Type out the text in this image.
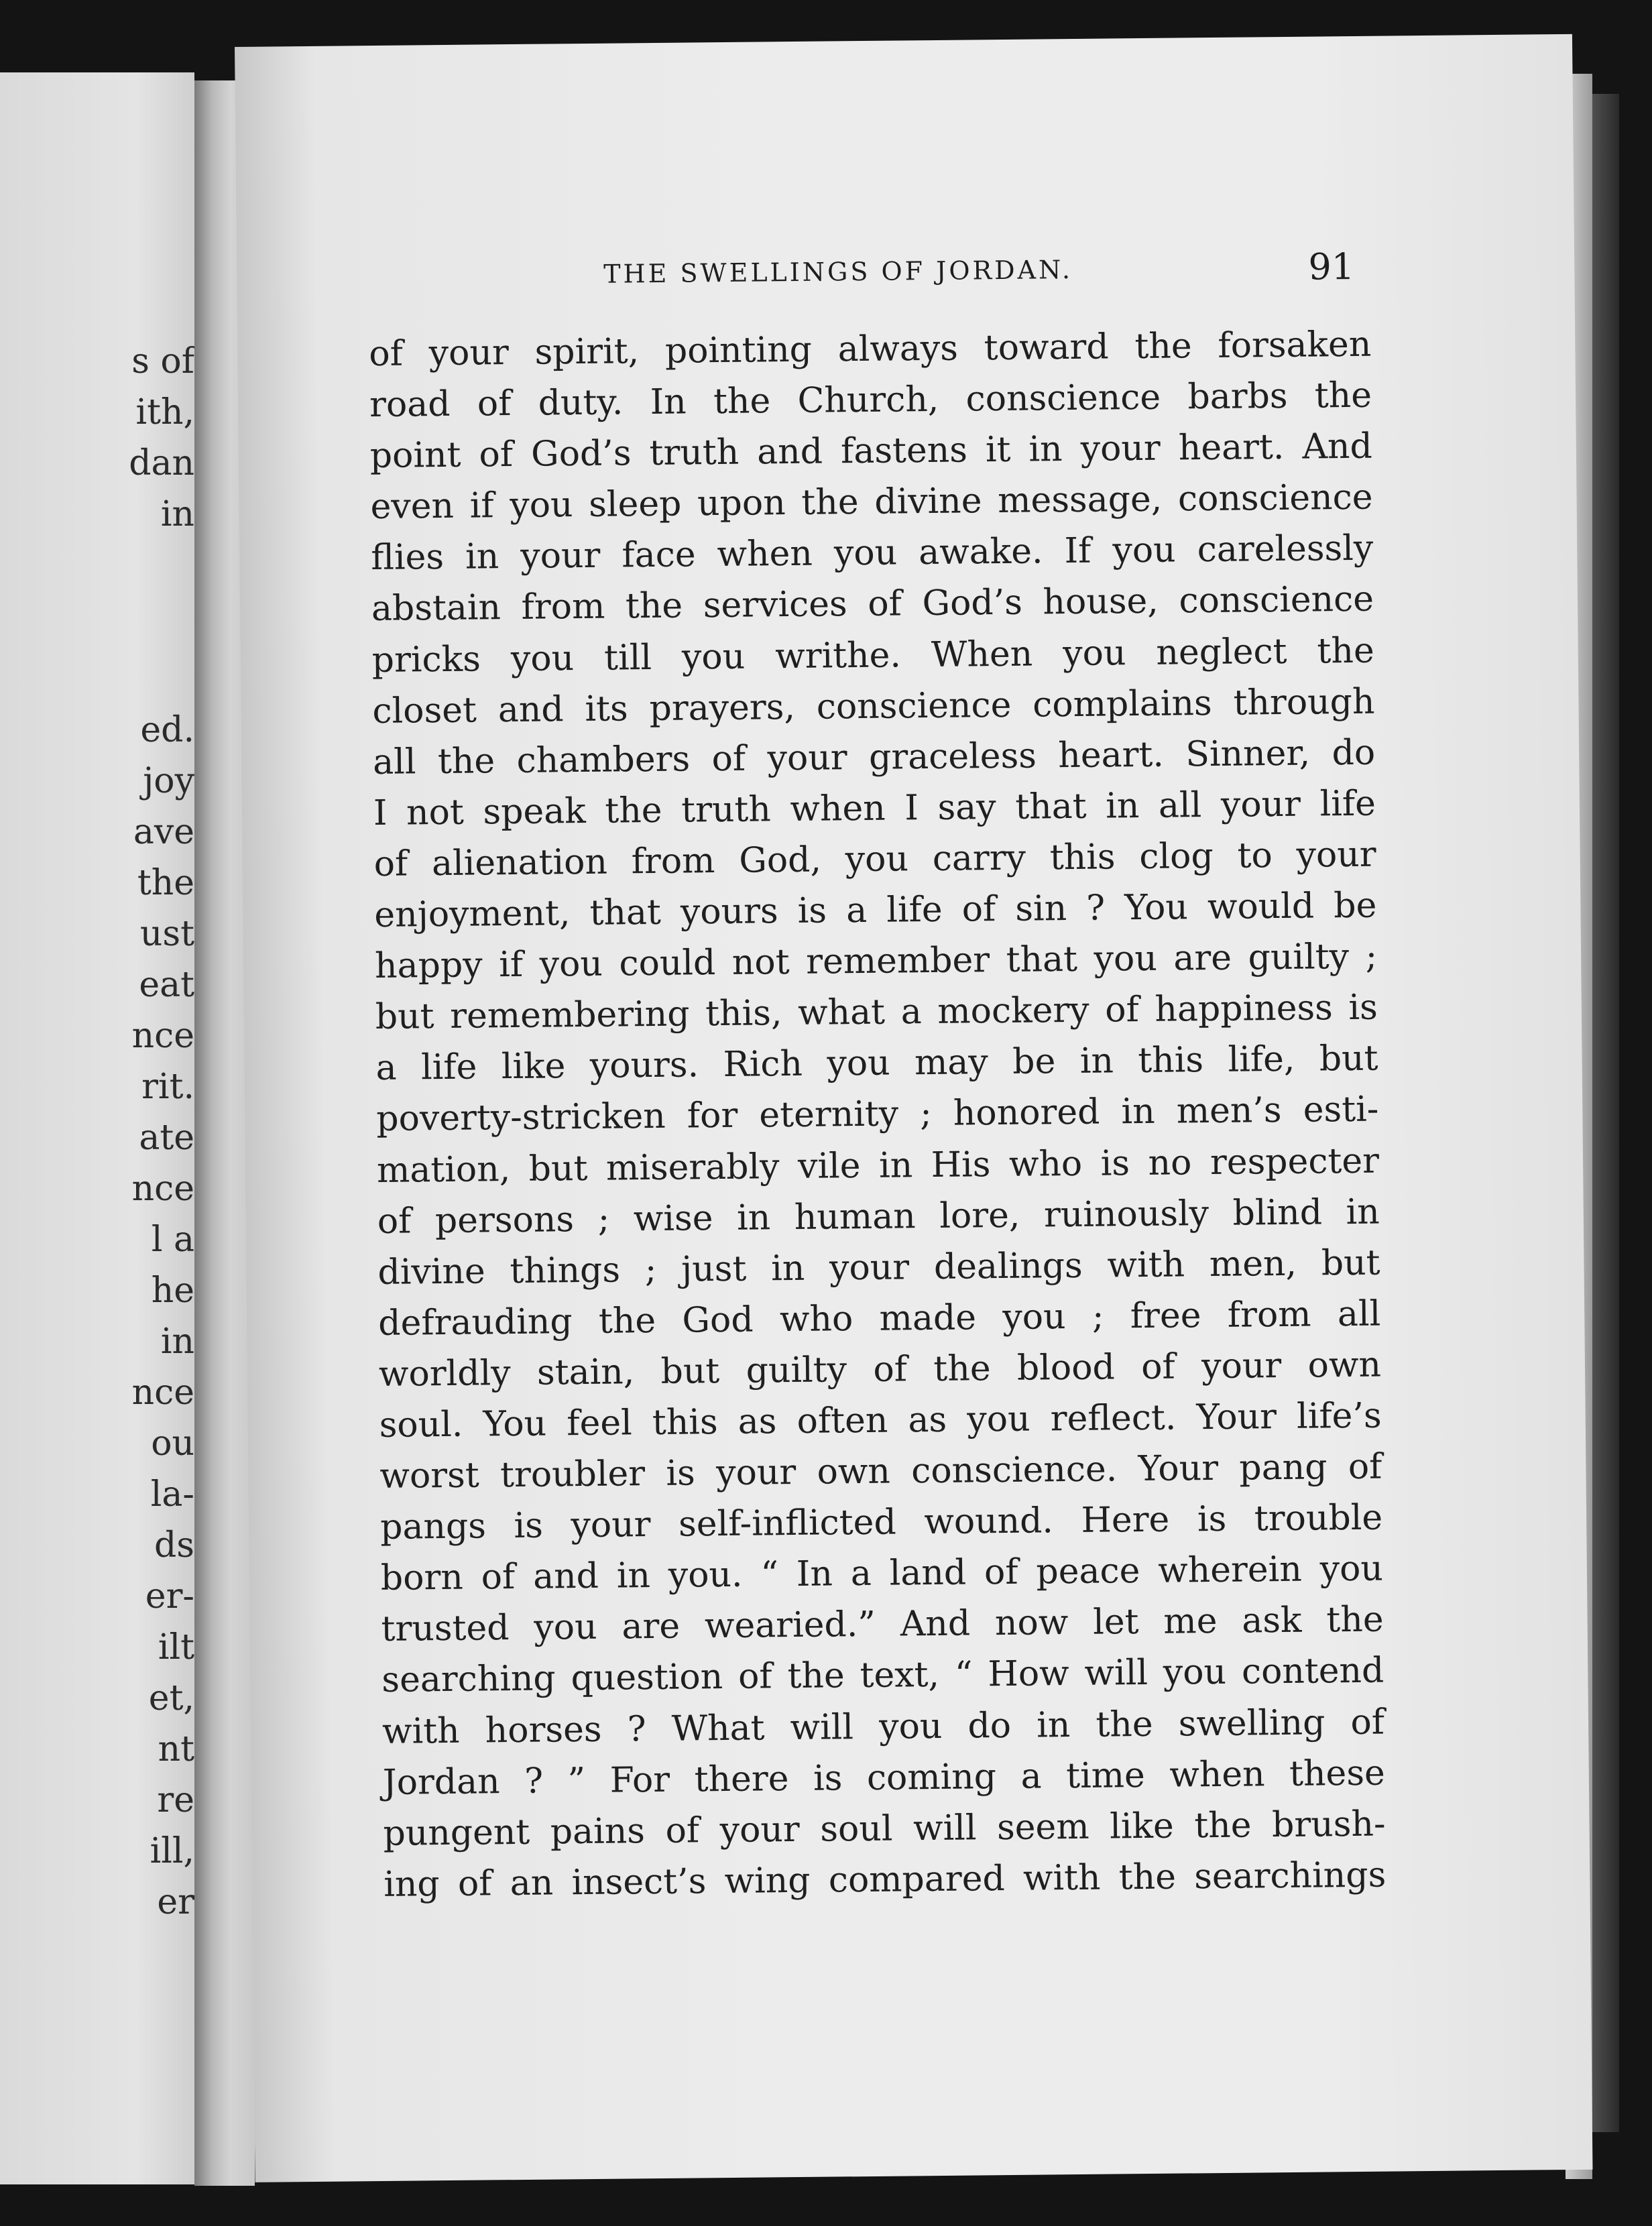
s of
ith,
dan
in
ed.
joy
ave
the
ust
eat
nce
rit.
ate
nce
l a
he
in
nce
ou
la-
ds
er-
ilt
et,
nt
re
ill,
er
THE SWELLINGS OF JORDAN.	91
of your spirit, pointing always toward the forsaken
road of duty. In the Church, conscience barbs the
point of God’s truth and fastens it in your heart. And
even if you sleep upon the divine message, conscience
flies in your face when you awake. If you carelessly
abstain from the services of God’s house, conscience
pricks you till you writhe. When you neglect the
closet and its prayers, conscience complains through
all the chambers of your graceless heart. Sinner, do
I not speak the truth when I say that in all your life
of alienation from God, you carry this clog to your
enjoyment, that yours is a life of sin ? You would be
happy if you could not remember that you are guilty ;
but remembering this, what a mockery of happiness is
a life like yours. Rich you may be in this life, but
poverty-stricken for eternity ; honored in men’s esti-
mation, but miserably vile in His who is no respecter
of persons ; wise in human lore, ruinously blind in
divine things ; just in your dealings with men, but
defrauding the God who made you ; free from all
worldly stain, but guilty of the blood of your own
soul. You feel this as often as you reflect. Your life’s
worst troubler is your own conscience. Your pang of
pangs is your self-inflicted wound. Here is trouble
born of and in you. “ In a land of peace wherein you
trusted you are wearied.” And now let me ask the
searching question of the text, “ How will you contend
with horses ? What will you do in the swelling of
Jordan ? ” For there is coming a time when these
pungent pains of your soul will seem like the brush-
ing of an insect’s wing compared with the searchings
